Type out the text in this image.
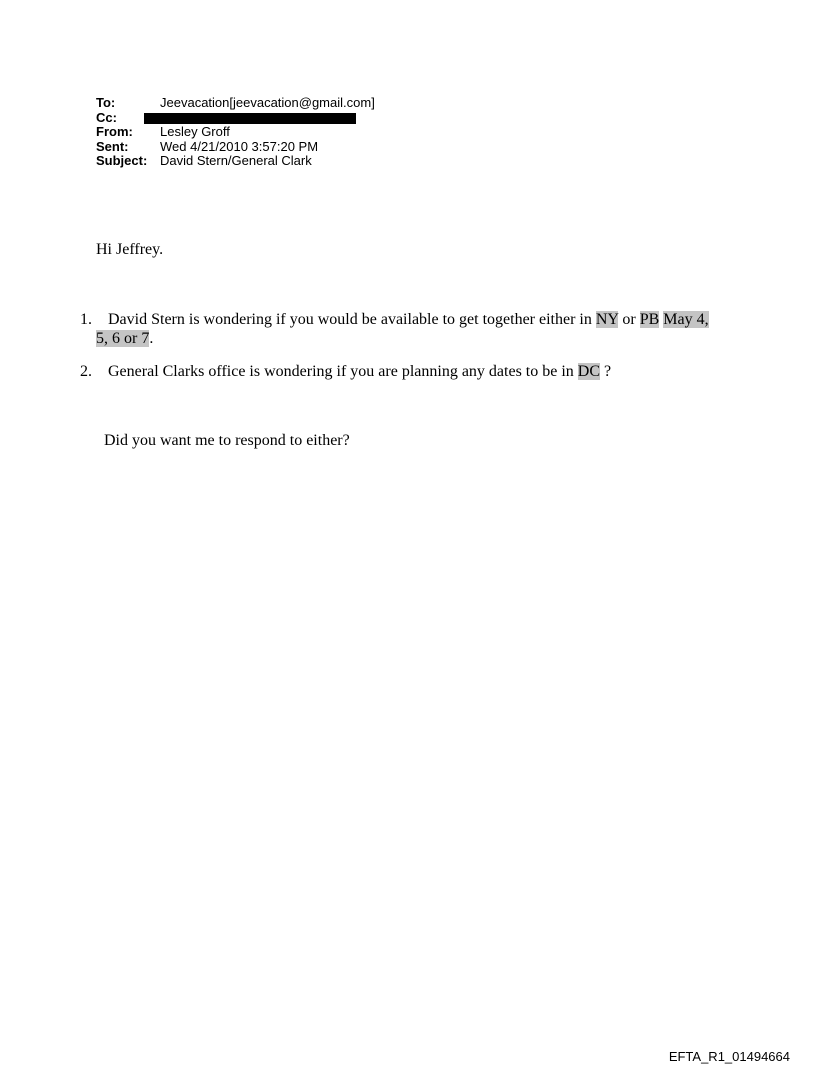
To:	Jeevacation[jeevacation@gmail.com]
Cc:
From:	Lesley Groff
Sent:	Wed 4/21/2010 3:57:20 PM
Subject: David Stern/General Clark
Hi Jeffrey.
1. David Stern is wondering if you would be available to get together either in NY or PB May 4,
5, 6 or 7.
2. General Clarks office is wondering if you are planning any dates to be in DC ?
Did you want me to respond to either?
EFTA_R1_01494664
